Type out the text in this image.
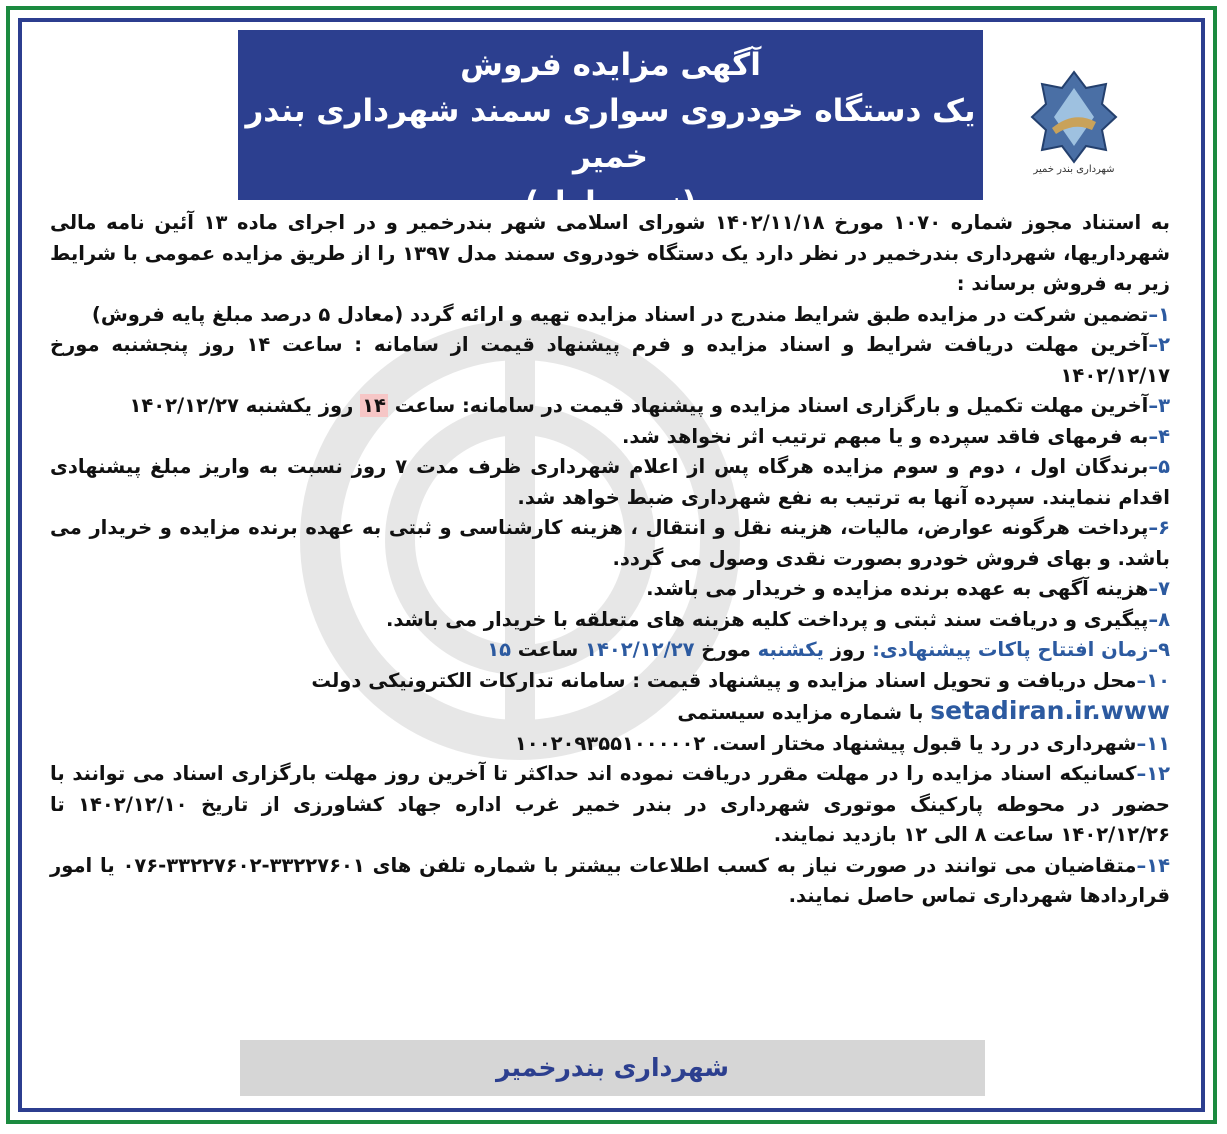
آگهی مزایده فروش
یک دستگاه خودروی سواری سمند شهرداری بندر خمیر
(نوبت اول)
شهرداری بندر خمیر

به استناد مجوز شماره ۱۰۷۰ مورخ ۱۴۰۲/۱۱/۱۸ شورای اسلامی شهر بندرخمیر و در اجرای ماده ۱۳ آئین نامه مالی شهرداریها، شهرداری بندرخمیر در نظر دارد یک دستگاه خودروی سمند مدل ۱۳۹۷ را از طریق مزایده عمومی با شرایط زیر به فروش برساند :

۱–تضمین شرکت در مزایده طبق شرایط مندرج در اسناد مزایده تهیه و ارائه گردد (معادل ۵ درصد مبلغ پایه فروش)

۲–آخرین مهلت دریافت شرایط و اسناد مزایده و فرم پیشنهاد قیمت از سامانه : ساعت ۱۴ روز پنجشنبه مورخ ۱۴۰۲/۱۲/۱۷

۳–آخرین مهلت تکمیل و بارگزاری اسناد مزایده و پیشنهاد قیمت در سامانه: ساعت ۱۴ روز یکشنبه ۱۴۰۲/۱۲/۲۷

۴–به فرمهای فاقد سپرده و یا مبهم ترتیب اثر نخواهد شد.

۵–برندگان اول ، دوم و سوم مزایده هرگاه پس از اعلام شهرداری ظرف مدت ۷ روز نسبت به واریز مبلغ پیشنهادی اقدام ننمایند. سپرده آنها به ترتیب به نفع شهرداری ضبط خواهد شد.

۶–پرداخت هرگونه عوارض، مالیات، هزینه نقل و انتقال ، هزینه کارشناسی و ثبتی به عهده برنده مزایده و خریدار می باشد. و بهای فروش خودرو بصورت نقدی وصول می گردد.

۷–هزینه آگهی به عهده برنده مزایده و خریدار می باشد.

۸–پیگیری و دریافت سند ثبتی و پرداخت کلیه هزینه های متعلقه با خریدار می باشد.

۹–زمان افتتاح پاکات پیشنهادی: روز یکشنبه مورخ ۱۴۰۲/۱۲/۲۷ ساعت ۱۵

۱۰–محل دریافت و تحویل اسناد مزایده و پیشنهاد قیمت : سامانه تدارکات الکترونیکی دولت
setadiran.ir.www با شماره مزایده سیستمی

۱۱–شهرداری در رد یا قبول پیشنهاد مختار است. ۱۰۰۲۰۹۳۵۵۱۰۰۰۰۰۲

۱۲–کسانیکه اسناد مزایده را در مهلت مقرر دریافت نموده اند حداکثر تا آخرین روز مهلت بارگزاری اسناد می توانند با حضور در محوطه پارکینگ موتوری شهرداری در بندر خمیر غرب اداره جهاد کشاورزی از تاریخ ۱۴۰۲/۱۲/۱۰ تا ۱۴۰۲/۱۲/۲۶ ساعت ۸ الی ۱۲ بازدید نمایند.

۱۴–متقاضیان می توانند در صورت نیاز به کسب اطلاعات بیشتر با شماره تلفن های ۳۳۲۲۷۶۰۱-۳۳۲۲۷۶۰۲-۰۷۶ یا امور قراردادها شهرداری تماس حاصل نمایند.

شهرداری بندرخمیر
